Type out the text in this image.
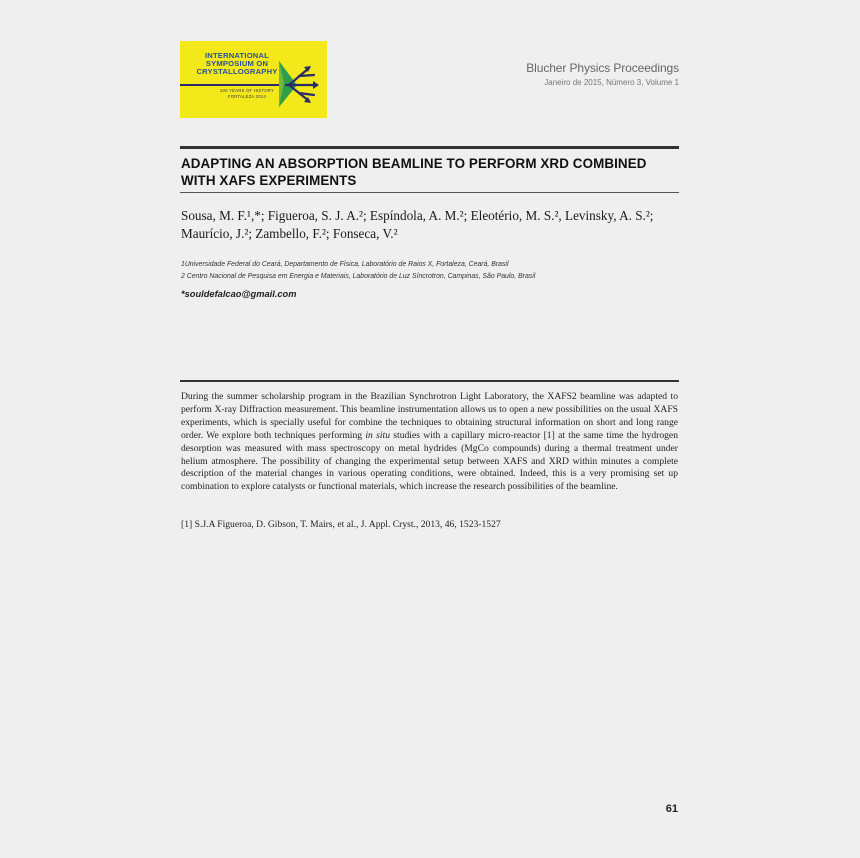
INTERNATIONAL
SYMPOSIUM ON
CRYSTALLOGRAPHY
100 YEARS OF HISTORY
FORTALEZA 2014
Blucher Physics Proceedings
Janeiro de 2015, Número 3, Volume 1
ADAPTING AN ABSORPTION BEAMLINE TO PERFORM XRD COMBINED WITH XAFS EXPERIMENTS
Sousa, M. F.¹,*; Figueroa, S. J. A.²; Espíndola, A. M.²; Eleotério, M. S.², Levinsky, A. S.²; Maurício, J.²; Zambello, F.²; Fonseca, V.²
1Universidade Federal do Ceará, Departamento de Física, Laboratório de Raios X, Fortaleza, Ceará, Brasil
2 Centro Nacional de Pesquisa em Energia e Materiais, Laboratório de Luz Síncrotron, Campinas, São Paulo, Brasil
*souldefalcao@gmail.com
During the summer scholarship program in the Brazilian Synchrotron Light Laboratory, the XAFS2 beamline was adapted to perform X-ray Diffraction measurement. This beamline instrumentation allows us to open a new possibilities on the usual XAFS experiments, which is specially useful for combine the techniques to obtaining structural information on short and long range order. We explore both techniques performing in situ studies with a capillary micro-reactor [1] at the same time the hydrogen desorption was measured with mass spectroscopy on metal hydrides (MgCo compounds) during a thermal treatment under helium atmosphere. The possibility of changing the experimental setup between XAFS and XRD within minutes a complete description of the material changes in various operating conditions, were obtained. Indeed, this is a very promising set up combination to explore catalysts or functional materials, which increase the research possibilities of the beamline.
[1] S.J.A Figueroa, D. Gibson, T. Mairs, et al., J. Appl. Cryst., 2013, 46, 1523-1527
61
